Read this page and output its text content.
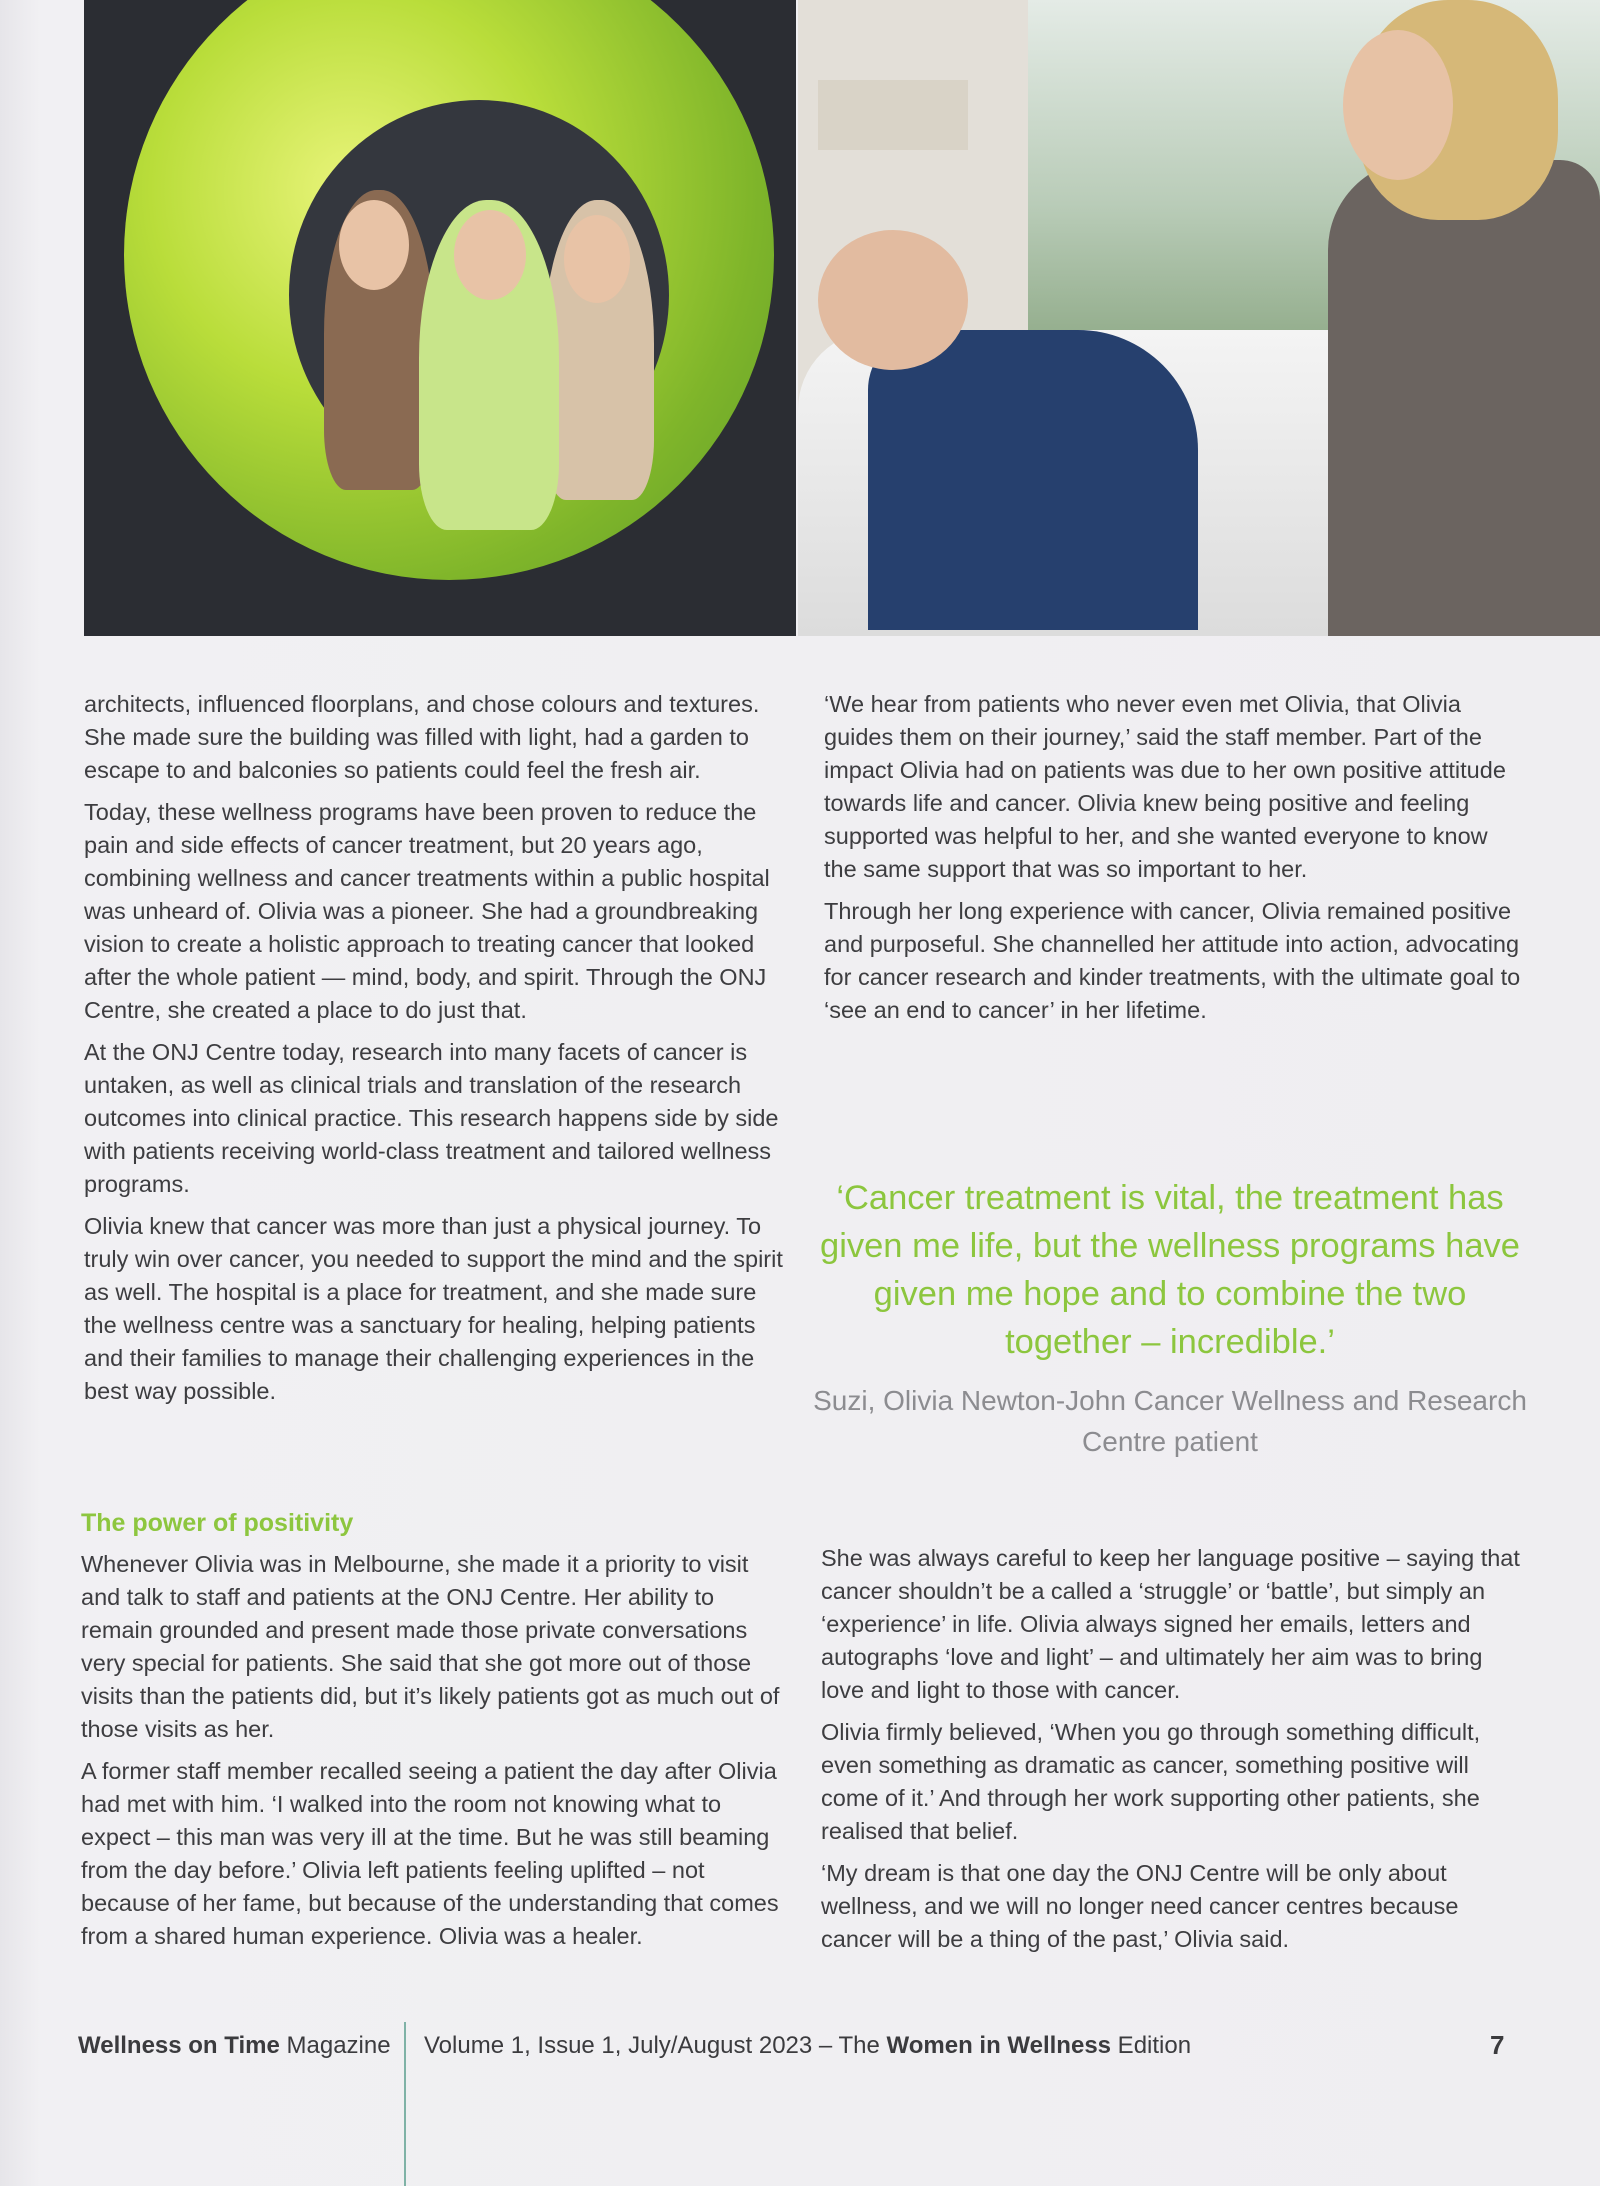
architects, influenced floorplans, and chose colours and textures. She made sure the building was filled with light, had a garden to escape to and balconies so patients could feel the fresh air.

Today, these wellness programs have been proven to reduce the pain and side effects of cancer treatment, but 20 years ago, combining wellness and cancer treatments within a public hospital was unheard of. Olivia was a pioneer. She had a groundbreaking vision to create a holistic approach to treating cancer that looked after the whole patient — mind, body, and spirit. Through the ONJ Centre, she created a place to do just that.

At the ONJ Centre today, research into many facets of cancer is untaken, as well as clinical trials and translation of the research outcomes into clinical practice. This research happens side by side with patients receiving world-class treatment and tailored wellness programs.

Olivia knew that cancer was more than just a physical journey. To truly win over cancer, you needed to support the mind and the spirit as well. The hospital is a place for treatment, and she made sure the wellness centre was a sanctuary for healing, helping patients and their families to manage their challenging experiences in the best way possible.

The power of positivity

Whenever Olivia was in Melbourne, she made it a priority to visit and talk to staff and patients at the ONJ Centre. Her ability to remain grounded and present made those private conversations very special for patients. She said that she got more out of those visits than the patients did, but it’s likely patients got as much out of those visits as her.

A former staff member recalled seeing a patient the day after Olivia had met with him. ‘I walked into the room not knowing what to expect – this man was very ill at the time. But he was still beaming from the day before.’ Olivia left patients feeling uplifted – not because of her fame, but because of the understanding that comes from a shared human experience. Olivia was a healer.

‘We hear from patients who never even met Olivia, that Olivia guides them on their journey,’ said the staff member. Part of the impact Olivia had on patients was due to her own positive attitude towards life and cancer. Olivia knew being positive and feeling supported was helpful to her, and she wanted everyone to know the same support that was so important to her.

Through her long experience with cancer, Olivia remained positive and purposeful. She channelled her attitude into action, advocating for cancer research and kinder treatments, with the ultimate goal to ‘see an end to cancer’ in her lifetime.

‘Cancer treatment is vital, the treatment has given me life, but the wellness programs have given me hope and to combine the two together – incredible.’
Suzi, Olivia Newton-John Cancer Wellness and Research Centre patient

She was always careful to keep her language positive – saying that cancer shouldn’t be a called a ‘struggle’ or ‘battle’, but simply an ‘experience’ in life. Olivia always signed her emails, letters and autographs ‘love and light’ – and ultimately her aim was to bring love and light to those with cancer.

Olivia firmly believed, ‘When you go through something difficult, even something as dramatic as cancer, something positive will come of it.’ And through her work supporting other patients, she realised that belief.

‘My dream is that one day the ONJ Centre will be only about wellness, and we will no longer need cancer centres because cancer will be a thing of the past,’ Olivia said.

Wellness on Time Magazine Volume 1, Issue 1, July/August 2023 – The Women in Wellness Edition	7
